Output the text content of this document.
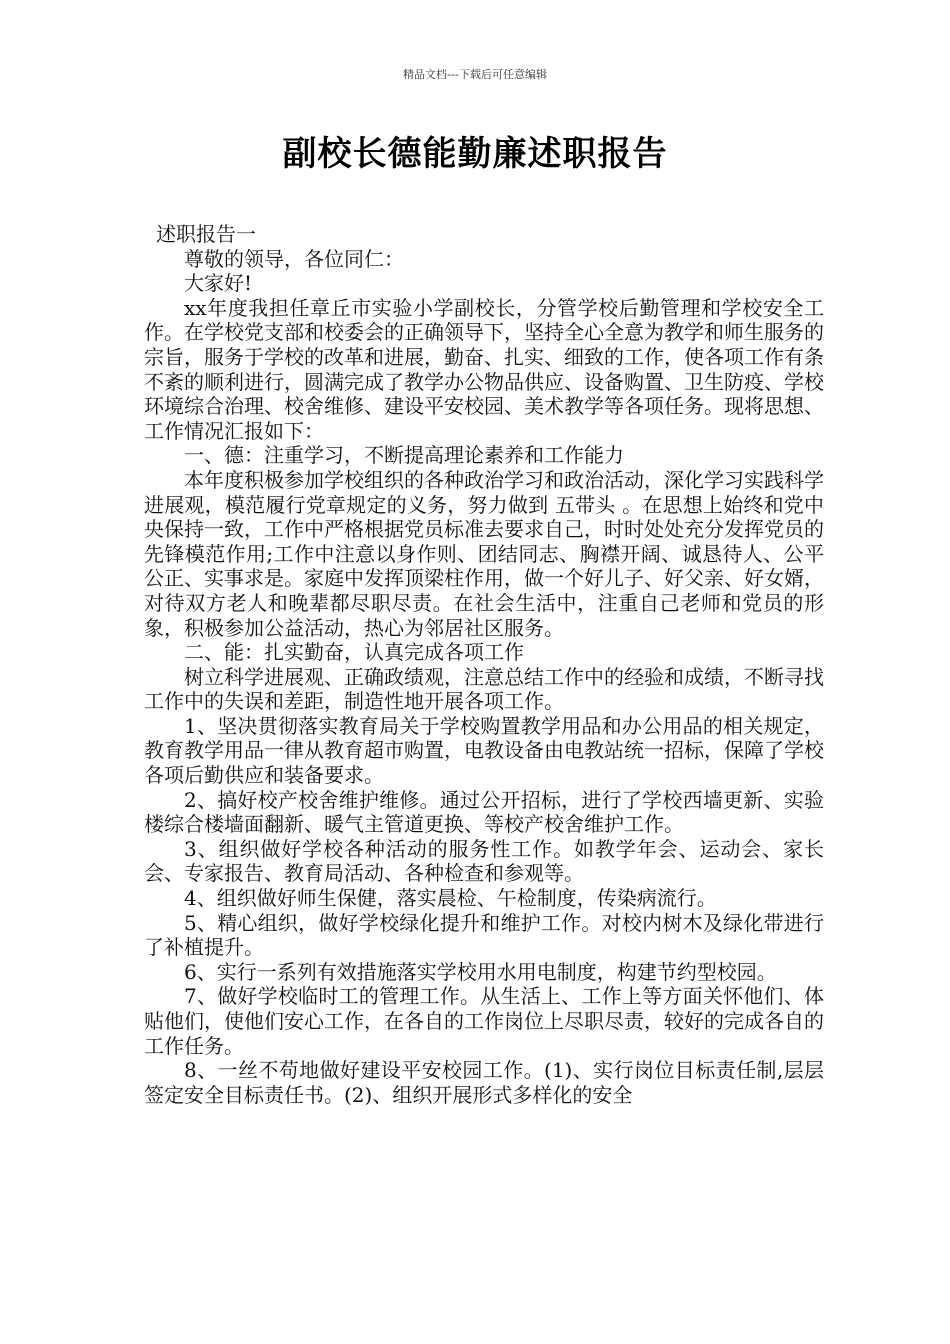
精品文档---下载后可任意编辑
副校长德能勤廉述职报告

述职报告一

尊敬的领导，各位同仁：

大家好!

xx年度我担任章丘市实验小学副校长，分管学校后勤管理和学校安全工作。在学校党支部和校委会的正确领导下，坚持全心全意为教学和师生服务的宗旨，服务于学校的改革和进展，勤奋、扎实、细致的工作，使各项工作有条不紊的顺利进行，圆满完成了教学办公物品供应、设备购置、卫生防疫、学校环境综合治理、校舍维修、建设平安校园、美术教学等各项任务。现将思想、工作情况汇报如下：

一、德：注重学习，不断提高理论素养和工作能力

本年度积极参加学校组织的各种政治学习和政治活动，深化学习实践科学进展观，模范履行党章规定的义务，努力做到 五带头 。在思想上始终和党中央保持一致，工作中严格根据党员标准去要求自己，时时处处充分发挥党员的先锋模范作用;工作中注意以身作则、团结同志、胸襟开阔、诚恳待人、公平公正、实事求是。家庭中发挥顶梁柱作用，做一个好儿子、好父亲、好女婿，对待双方老人和晚辈都尽职尽责。在社会生活中，注重自己老师和党员的形象，积极参加公益活动，热心为邻居社区服务。

二、能：扎实勤奋，认真完成各项工作

树立科学进展观、正确政绩观，注意总结工作中的经验和成绩，不断寻找工作中的失误和差距，制造性地开展各项工作。

1、坚决贯彻落实教育局关于学校购置教学用品和办公用品的相关规定，教育教学用品一律从教育超市购置，电教设备由电教站统一招标，保障了学校各项后勤供应和装备要求。

2、搞好校产校舍维护维修。通过公开招标，进行了学校西墙更新、实验楼综合楼墙面翻新、暖气主管道更换、等校产校舍维护工作。

3、组织做好学校各种活动的服务性工作。如教学年会、运动会、家长会、专家报告、教育局活动、各种检查和参观等。

4、组织做好师生保健，落实晨检、午检制度，传染病流行。

5、精心组织，做好学校绿化提升和维护工作。对校内树木及绿化带进行了补植提升。

6、实行一系列有效措施落实学校用水用电制度，构建节约型校园。

7、做好学校临时工的管理工作。从生活上、工作上等方面关怀他们、体贴他们，使他们安心工作，在各自的工作岗位上尽职尽责，较好的完成各自的工作任务。

8、一丝不苟地做好建设平安校园工作。(1)、实行岗位目标责任制,层层签定安全目标责任书。(2)、组织开展形式多样化的安全
